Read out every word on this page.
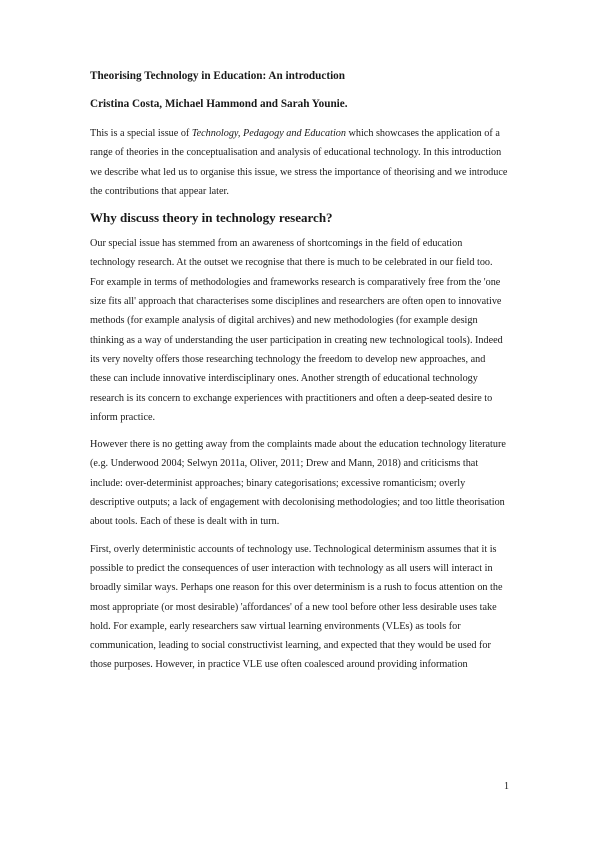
Theorising Technology in Education: An introduction
Cristina Costa, Michael Hammond and Sarah Younie.

This is a special issue of Technology, Pedagogy and Education which showcases the application of a range of theories in the conceptualisation and analysis of educational technology. In this introduction we describe what led us to organise this issue, we stress the importance of theorising and we introduce the contributions that appear later.

Why discuss theory in technology research?

Our special issue has stemmed from an awareness of shortcomings in the field of education technology research. At the outset we recognise that there is much to be celebrated in our field too. For example in terms of methodologies and frameworks research is comparatively free from the 'one size fits all' approach that characterises some disciplines and researchers are often open to innovative methods (for example analysis of digital archives) and new methodologies (for example design thinking as a way of understanding the user participation in creating new technological tools). Indeed its very novelty offers those researching technology the freedom to develop new approaches, and these can include innovative interdisciplinary ones. Another strength of educational technology research is its concern to exchange experiences with practitioners and often a deep-seated desire to inform practice.

However there is no getting away from the complaints made about the education technology literature (e.g. Underwood 2004; Selwyn 2011a, Oliver, 2011; Drew and Mann, 2018) and criticisms that include: over-determinist approaches; binary categorisations; excessive romanticism; overly descriptive outputs; a lack of engagement with decolonising methodologies; and too little theorisation about tools. Each of these is dealt with in turn.

First, overly deterministic accounts of technology use. Technological determinism assumes that it is possible to predict the consequences of user interaction with technology as all users will interact in broadly similar ways. Perhaps one reason for this over determinism is a rush to focus attention on the most appropriate (or most desirable) 'affordances' of a new tool before other less desirable uses take hold. For example, early researchers saw virtual learning environments (VLEs) as tools for communication, leading to social constructivist learning, and expected that they would be used for those purposes. However, in practice VLE use often coalesced around providing information

1
